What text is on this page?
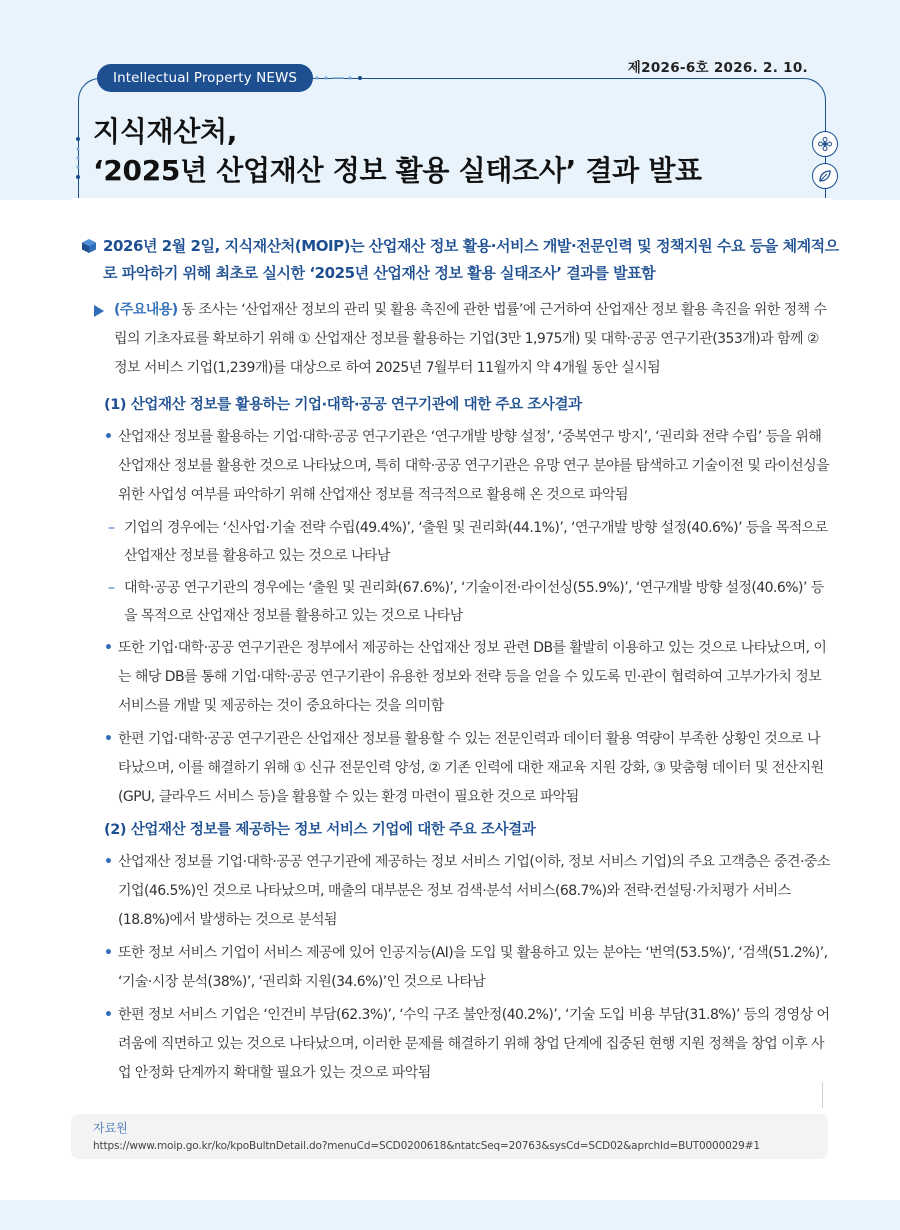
Intellectual Property NEWS
제2026-6호 2026. 2. 10.
지식재산처,
‘2025년 산업재산 정보 활용 실태조사’ 결과 발표

2026년 2월 2일, 지식재산처(MOIP)는 산업재산 정보 활용·서비스 개발·전문인력 및 정책지원 수요 등을 체계적으로 파악하기 위해 최초로 실시한 ‘2025년 산업재산 정보 활용 실태조사’ 결과를 발표함

(주요내용) 동 조사는 ‘산업재산 정보의 관리 및 활용 촉진에 관한 법률’에 근거하여 산업재산 정보 활용 촉진을 위한 정책 수립의 기초자료를 확보하기 위해 ① 산업재산 정보를 활용하는 기업(3만 1,975개) 및 대학·공공 연구기관(353개)과 함께 ② 정보 서비스 기업(1,239개)를 대상으로 하여 2025년 7월부터 11월까지 약 4개월 동안 실시됨

(1) 산업재산 정보를 활용하는 기업·대학·공공 연구기관에 대한 주요 조사결과

• 산업재산 정보를 활용하는 기업·대학·공공 연구기관은 ‘연구개발 방향 설정’, ‘중복연구 방지’, ‘권리화 전략 수립’ 등을 위해 산업재산 정보를 활용한 것으로 나타났으며, 특히 대학·공공 연구기관은 유망 연구 분야를 탐색하고 기술이전 및 라이선싱을 위한 사업성 여부를 파악하기 위해 산업재산 정보를 적극적으로 활용해 온 것으로 파악됨

– 기업의 경우에는 ‘신사업·기술 전략 수립(49.4%)’, ‘출원 및 권리화(44.1%)’, ‘연구개발 방향 설정(40.6%)’ 등을 목적으로 산업재산 정보를 활용하고 있는 것으로 나타남

– 대학·공공 연구기관의 경우에는 ‘출원 및 권리화(67.6%)’, ‘기술이전·라이선싱(55.9%)’, ‘연구개발 방향 설정(40.6%)’ 등을 목적으로 산업재산 정보를 활용하고 있는 것으로 나타남

• 또한 기업·대학·공공 연구기관은 정부에서 제공하는 산업재산 정보 관련 DB를 활발히 이용하고 있는 것으로 나타났으며, 이는 해당 DB를 통해 기업·대학·공공 연구기관이 유용한 정보와 전략 등을 얻을 수 있도록 민·관이 협력하여 고부가가치 정보 서비스를 개발 및 제공하는 것이 중요하다는 것을 의미함

• 한편 기업·대학·공공 연구기관은 산업재산 정보를 활용할 수 있는 전문인력과 데이터 활용 역량이 부족한 상황인 것으로 나타났으며, 이를 해결하기 위해 ① 신규 전문인력 양성, ② 기존 인력에 대한 재교육 지원 강화, ③ 맞춤형 데이터 및 전산지원(GPU, 클라우드 서비스 등)을 활용할 수 있는 환경 마련이 필요한 것으로 파악됨

(2) 산업재산 정보를 제공하는 정보 서비스 기업에 대한 주요 조사결과

• 산업재산 정보를 기업·대학·공공 연구기관에 제공하는 정보 서비스 기업(이하, 정보 서비스 기업)의 주요 고객층은 중견·중소기업(46.5%)인 것으로 나타났으며, 매출의 대부분은 정보 검색·분석 서비스(68.7%)와 전략·컨설팅·가치평가 서비스(18.8%)에서 발생하는 것으로 분석됨

• 또한 정보 서비스 기업이 서비스 제공에 있어 인공지능(AI)을 도입 및 활용하고 있는 분야는 ‘번역(53.5%)’, ‘검색(51.2%)’, ‘기술·시장 분석(38%)’, ‘권리화 지원(34.6%)’인 것으로 나타남

• 한편 정보 서비스 기업은 ‘인건비 부담(62.3%)’, ‘수익 구조 불안정(40.2%)’, ‘기술 도입 비용 부담(31.8%)’ 등의 경영상 어려움에 직면하고 있는 것으로 나타났으며, 이러한 문제를 해결하기 위해 창업 단계에 집중된 현행 지원 정책을 창업 이후 사업 안정화 단계까지 확대할 필요가 있는 것으로 파악됨

자료원
https://www.moip.go.kr/ko/kpoBultnDetail.do?menuCd=SCD0200618&ntatcSeq=20763&sysCd=SCD02&aprchId=BUT0000029#1
